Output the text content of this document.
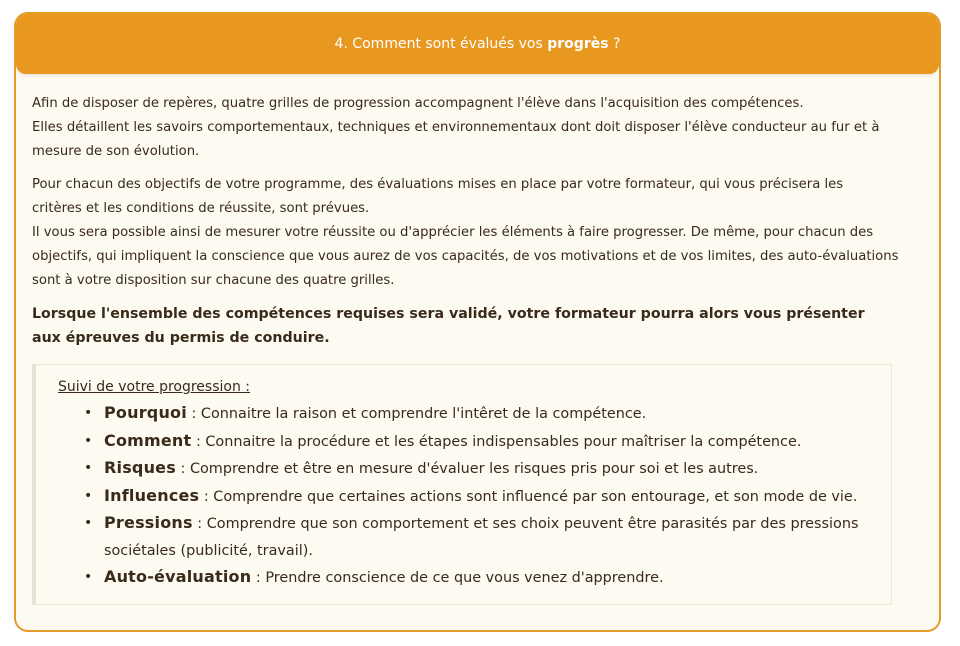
4. Comment sont évalués vos progrès ?

Afin de disposer de repères, quatre grilles de progression accompagnent l'élève dans l'acquisition des compétences.
Elles détaillent les savoirs comportementaux, techniques et environnementaux dont doit disposer l'élève conducteur au fur et à
mesure de son évolution.

Pour chacun des objectifs de votre programme, des évaluations mises en place par votre formateur, qui vous précisera les
critères et les conditions de réussite, sont prévues.
Il vous sera possible ainsi de mesurer votre réussite ou d'apprécier les éléments à faire progresser. De même, pour chacun des
objectifs, qui impliquent la conscience que vous aurez de vos capacités, de vos motivations et de vos limites, des auto-évaluations
sont à votre disposition sur chacune des quatre grilles.

Lorsque l'ensemble des compétences requises sera validé, votre formateur pourra alors vous présenter
aux épreuves du permis de conduire.

Suivi de votre progression :
• Pourquoi : Connaitre la raison et comprendre l'intêret de la compétence.
• Comment : Connaitre la procédure et les étapes indispensables pour maîtriser la compétence.
• Risques : Comprendre et être en mesure d'évaluer les risques pris pour soi et les autres.
• Influences : Comprendre que certaines actions sont influencé par son entourage, et son mode de vie.
• Pressions : Comprendre que son comportement et ses choix peuvent être parasités par des pressions
sociétales (publicité, travail).
• Auto-évaluation : Prendre conscience de ce que vous venez d'apprendre.
